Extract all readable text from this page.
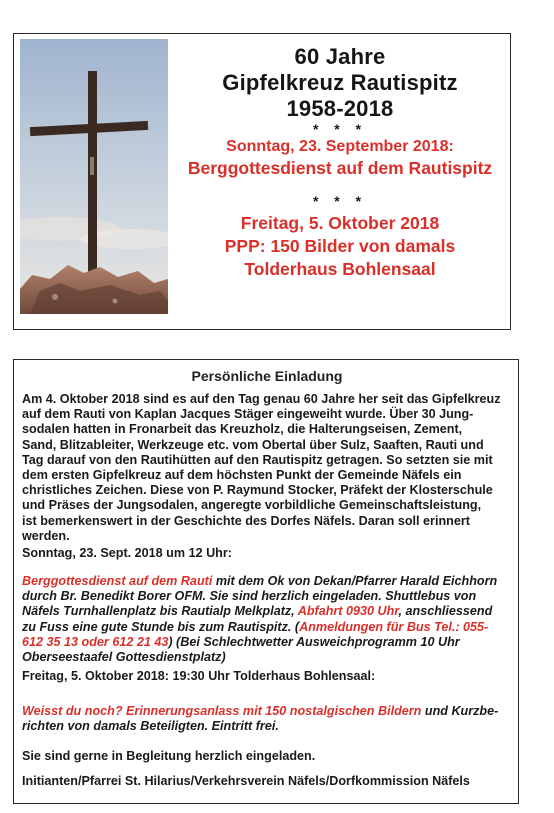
60 Jahre
Gipfelkreuz Rautispitz
1958-2018
* * *
Sonntag, 23. September 2018:
Berggottesdienst auf dem Rautispitz
* * *
Freitag, 5. Oktober 2018
PPP: 150 Bilder von damals
Tolderhaus Bohlensaal
Persönliche Einladung
Am 4. Oktober 2018 sind es auf den Tag genau 60 Jahre her seit das Gipfelkreuz
auf dem Rauti von Kaplan Jacques Stäger eingeweiht wurde. Über 30 Jung-
sodalen hatten in Fronarbeit das Kreuzholz, die Halterungseisen, Zement,
Sand, Blitzableiter, Werkzeuge etc. vom Obertal über Sulz, Saaften, Rauti und
Tag darauf von den Rautihütten auf den Rautispitz getragen. So setzten sie mit
dem ersten Gipfelkreuz auf dem höchsten Punkt der Gemeinde Näfels ein
christliches Zeichen. Diese von P. Raymund Stocker, Präfekt der Klosterschule
und Präses der Jungsodalen, angeregte vorbildliche Gemeinschaftsleistung,
ist bemerkenswert in der Geschichte des Dorfes Näfels. Daran soll erinnert
werden.
Sonntag, 23. Sept. 2018 um 12 Uhr:
Berggottesdienst auf dem Rauti mit dem Ok von Dekan/Pfarrer Harald Eichhorn
durch Br. Benedikt Borer OFM. Sie sind herzlich eingeladen. Shuttlebus von
Näfels Turnhallenplatz bis Rautialp Melkplatz, Abfahrt 0930 Uhr, anschliessend
zu Fuss eine gute Stunde bis zum Rautispitz. (Anmeldungen für Bus Tel.: 055-
612 35 13 oder 612 21 43) (Bei Schlechtwetter Ausweichprogramm 10 Uhr
Oberseestaafel Gottesdienstplatz)
Freitag, 5. Oktober 2018: 19:30 Uhr Tolderhaus Bohlensaal:
Weisst du noch? Erinnerungsanlass mit 150 nostalgischen Bildern und Kurzbe-
richten von damals Beteiligten. Eintritt frei.
Sie sind gerne in Begleitung herzlich eingeladen.
Initianten/Pfarrei St. Hilarius/Verkehrsverein Näfels/Dorfkommission Näfels
